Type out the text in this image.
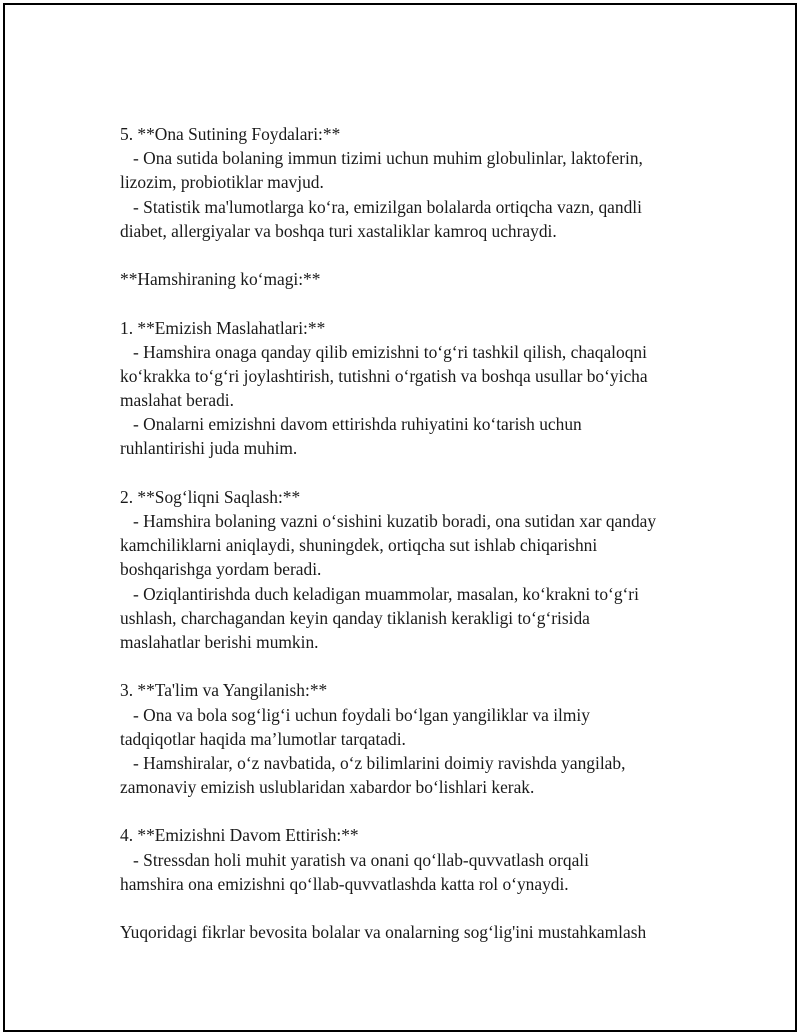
5. **Ona Sutining Foydalari:**
- Ona sutida bolaning immun tizimi uchun muhim globulinlar, laktoferin,
lizozim, probiotiklar mavjud.
- Statistik ma'lumotlarga ko‘ra, emizilgan bolalarda ortiqcha vazn, qandli
diabet, allergiyalar va boshqa turi xastaliklar kamroq uchraydi.
**Hamshiraning ko‘magi:**
1. **Emizish Maslahatlari:**
- Hamshira onaga qanday qilib emizishni to‘g‘ri tashkil qilish, chaqaloqni
ko‘krakka to‘g‘ri joylashtirish, tutishni o‘rgatish va boshqa usullar bo‘yicha
maslahat beradi.
- Onalarni emizishni davom ettirishda ruhiyatini ko‘tarish uchun
ruhlantirishi juda muhim.
2. **Sog‘liqni Saqlash:**
- Hamshira bolaning vazni o‘sishini kuzatib boradi, ona sutidan xar qanday
kamchiliklarni aniqlaydi, shuningdek, ortiqcha sut ishlab chiqarishni
boshqarishga yordam beradi.
- Oziqlantirishda duch keladigan muammolar, masalan, ko‘krakni to‘g‘ri
ushlash, charchagandan keyin qanday tiklanish kerakligi to‘g‘risida
maslahatlar berishi mumkin.
3. **Ta'lim va Yangilanish:**
- Ona va bola sog‘lig‘i uchun foydali bo‘lgan yangiliklar va ilmiy
tadqiqotlar haqida ma’lumotlar tarqatadi.
- Hamshiralar, o‘z navbatida, o‘z bilimlarini doimiy ravishda yangilab,
zamonaviy emizish uslublaridan xabardor bo‘lishlari kerak.
4. **Emizishni Davom Ettirish:**
- Stressdan holi muhit yaratish va onani qo‘llab-quvvatlash orqali
hamshira ona emizishni qo‘llab-quvvatlashda katta rol o‘ynaydi.
Yuqoridagi fikrlar bevosita bolalar va onalarning sog‘lig'ini mustahkamlash
